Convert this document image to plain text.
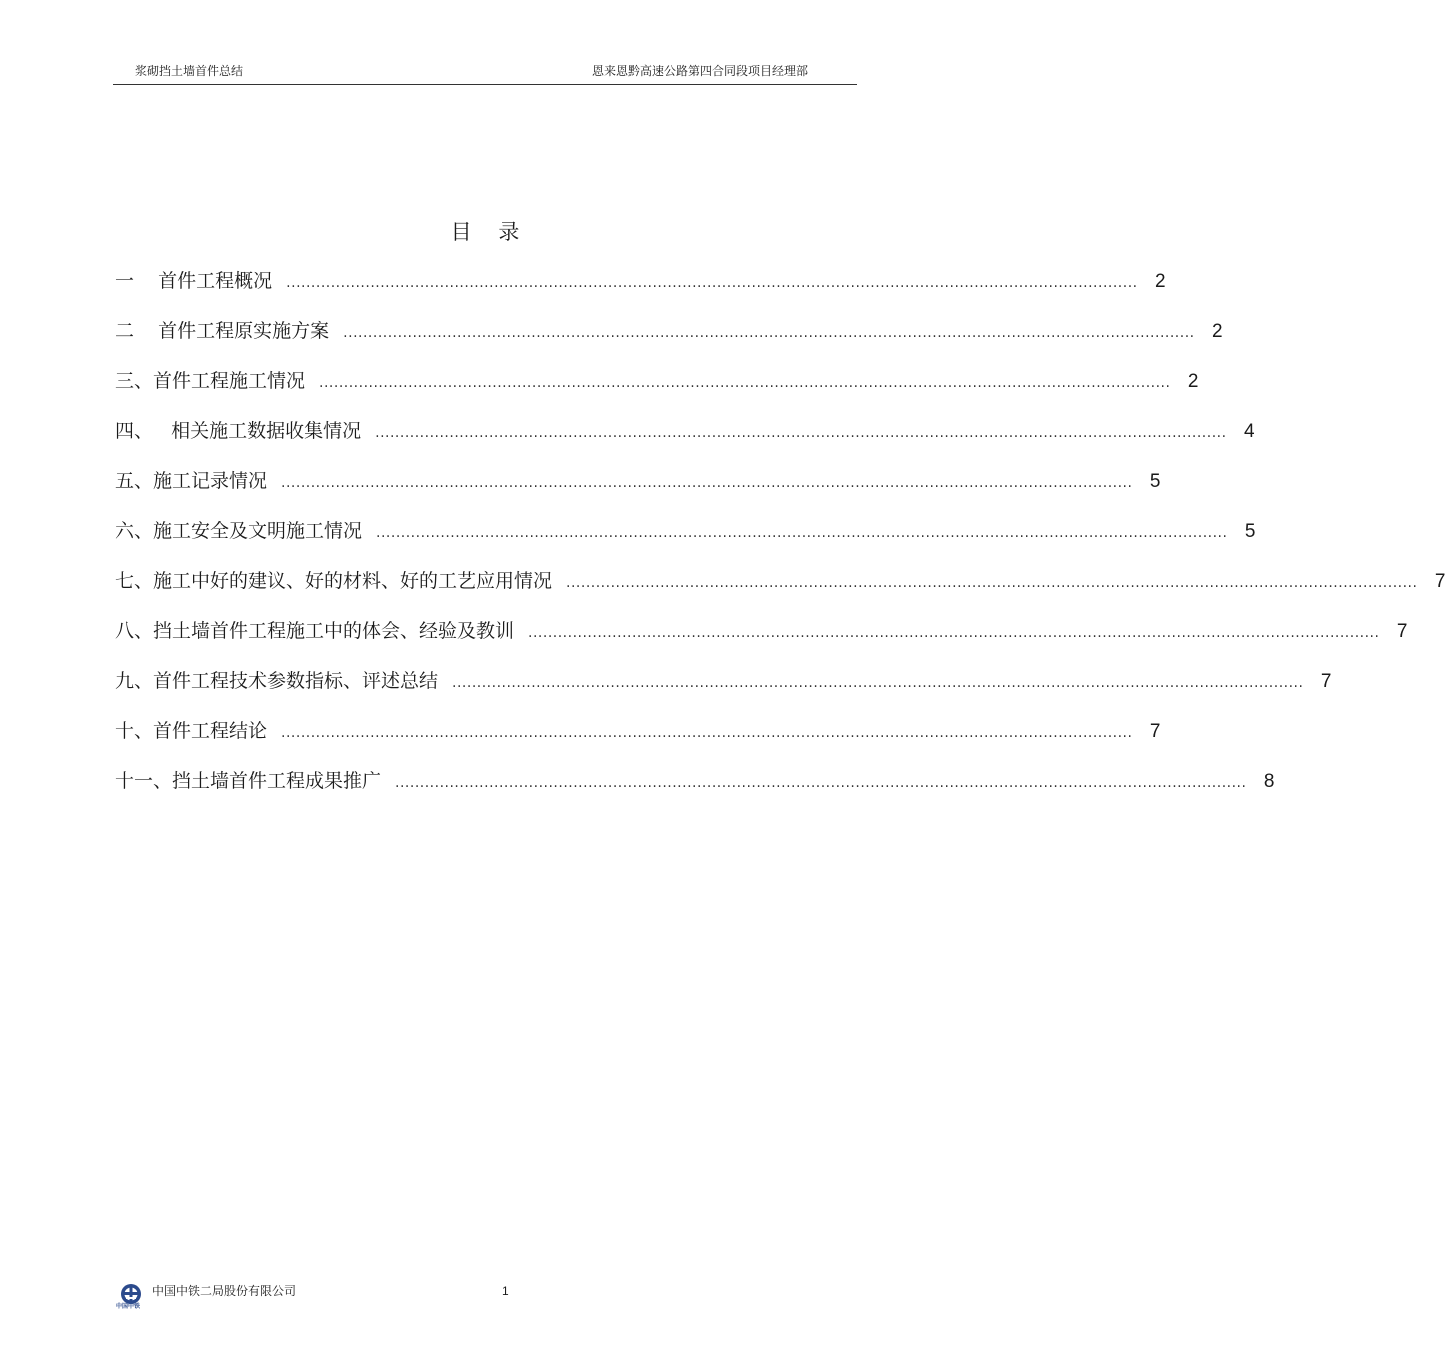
浆砌挡土墙首件总结	恩来恩黔高速公路第四合同段项目经理部
目    录
一    首件工程概况 ............................................................................................................................................................................ 2
二    首件工程原实施方案 ............................................................................................................................................................................ 2
三、首件工程施工情况 ............................................................................................................................................................................ 2
四、   相关施工数据收集情况 ............................................................................................................................................................................ 4
五、施工记录情况 ............................................................................................................................................................................ 5
六、施工安全及文明施工情况 ............................................................................................................................................................................ 5
七、施工中好的建议、好的材料、好的工艺应用情况 ............................................................................................................................................................................ 7
八、挡土墙首件工程施工中的体会、经验及教训 ............................................................................................................................................................................ 7
九、首件工程技术参数指标、评述总结 ............................................................................................................................................................................ 7
十、首件工程结论 ............................................................................................................................................................................ 7
十一、挡土墙首件工程成果推广 ............................................................................................................................................................................ 8
中国中铁
中国中铁二局股份有限公司	1
